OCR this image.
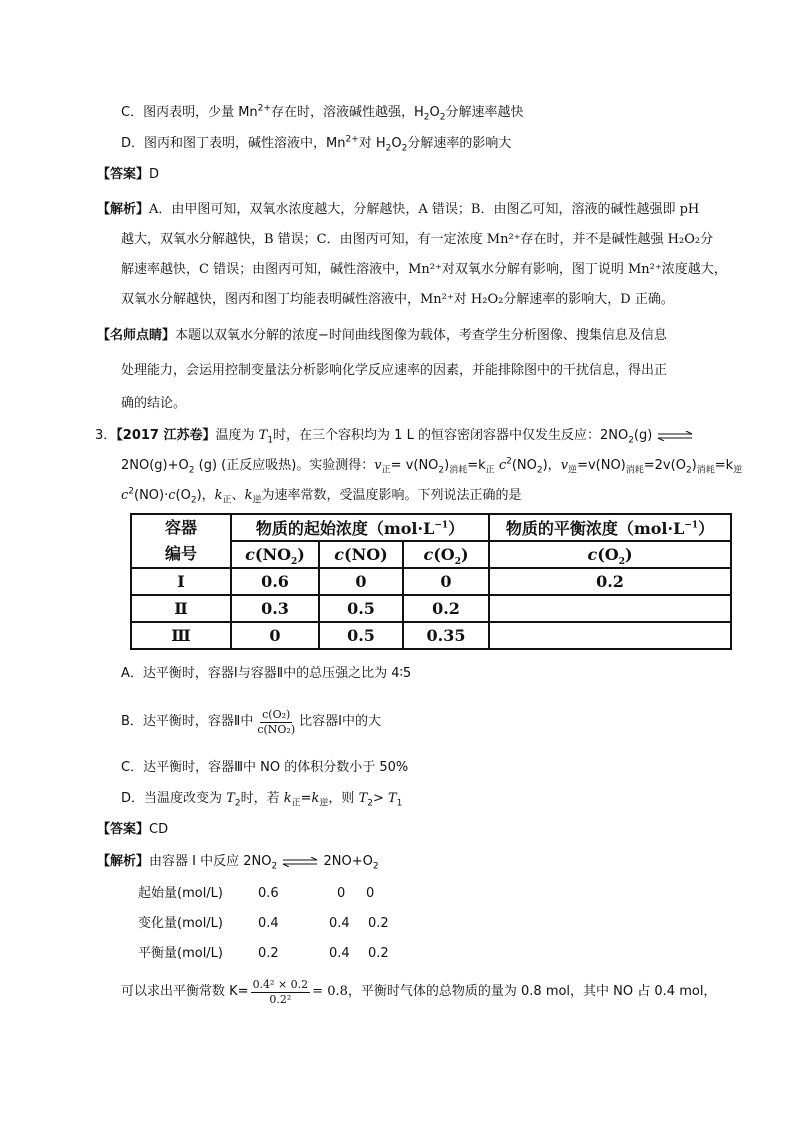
C．图丙表明，少量 $Mn^{2+}$存在时，溶液碱性越强，$H_2O_2$分解速率越快
D．图丙和图丁表明，碱性溶液中，$Mn^{2+}$对 $H_2O_2$分解速率的影响大
【答案】D
【解析】A．由甲图可知，双氧水浓度越大，分解越快，A 错误；B．由图乙可知，溶液的碱性越强即 pH
越大，双氧水分解越快，B 错误；C．由图丙可知，有一定浓度 Mn²⁺存在时，并不是碱性越强 H₂O₂分
解速率越快，C 错误；由图丙可知，碱性溶液中，Mn²⁺对双氧水分解有影响，图丁说明 Mn²⁺浓度越大，
双氧水分解越快，图丙和图丁均能表明碱性溶液中，Mn²⁺对 H₂O₂分解速率的影响大，D 正确。
【名师点睛】本题以双氧水分解的浓度−时间曲线图像为载体，考查学生分析图像、搜集信息及信息
处理能力，会运用控制变量法分析影响化学反应速率的因素，并能排除图中的干扰信息，得出正
确的结论。
3．【2017 江苏卷】温度为 $T_1$时，在三个容积均为 1 L 的恒容密闭容器中仅发生反应：$2NO_2(g)$ ⇌
$2NO(g)+O_2$ (g) (正反应吸热)。实验测得：$v_正= v(NO_2)_{消耗}=k_正$ $c^2(NO_2)$，$v_逆=v(NO)_{消耗}=2v(O_2)_{消耗}=k_逆$
$c^2(NO)\cdot c(O_2)$，$k_正$、$k_逆$为速率常数，受温度影响。下列说法正确的是
容器
编号	物质的起始浓度$(mol\cdot L^{-1})$			物质的平衡浓度$(mol\cdot L^{-1})$
	$c(NO_2)$	c(NO)	$c(O_2)$	$c(O_2)$
Ⅰ	0.6	0	0	0.2
Ⅱ	0.3	0.5	0.2	
Ⅲ	0	0.5	0.35	
A．达平衡时，容器Ⅰ与容器Ⅱ中的总压强之比为 4∶5
B．达平衡时，容器Ⅱ中 $\frac{\text{c(O₂)}}{\text{c(NO₂)}}$ 比容器Ⅰ中的大
C．达平衡时，容器Ⅲ中 NO 的体积分数小于 50%
D．当温度改变为 $T_2$时，若 $k_正=k_逆$，则 $T_2> T_1$
【答案】CD
【解析】由容器 I 中反应 $2NO_2$ ⇌ $2NO+O_2$
起始量(mol/L)	0.6	0 0
变化量(mol/L)	0.4	0.4 0.2
平衡量(mol/L)	0.2	0.4 0.2
可以求出平衡常数 $K= \frac{\text{0.4² × 0.2}}{\text{0.2²}} = 0.8$ ，平衡时气体的总物质的量为 0.8 mol，其中 NO 占 0.4 mol，
